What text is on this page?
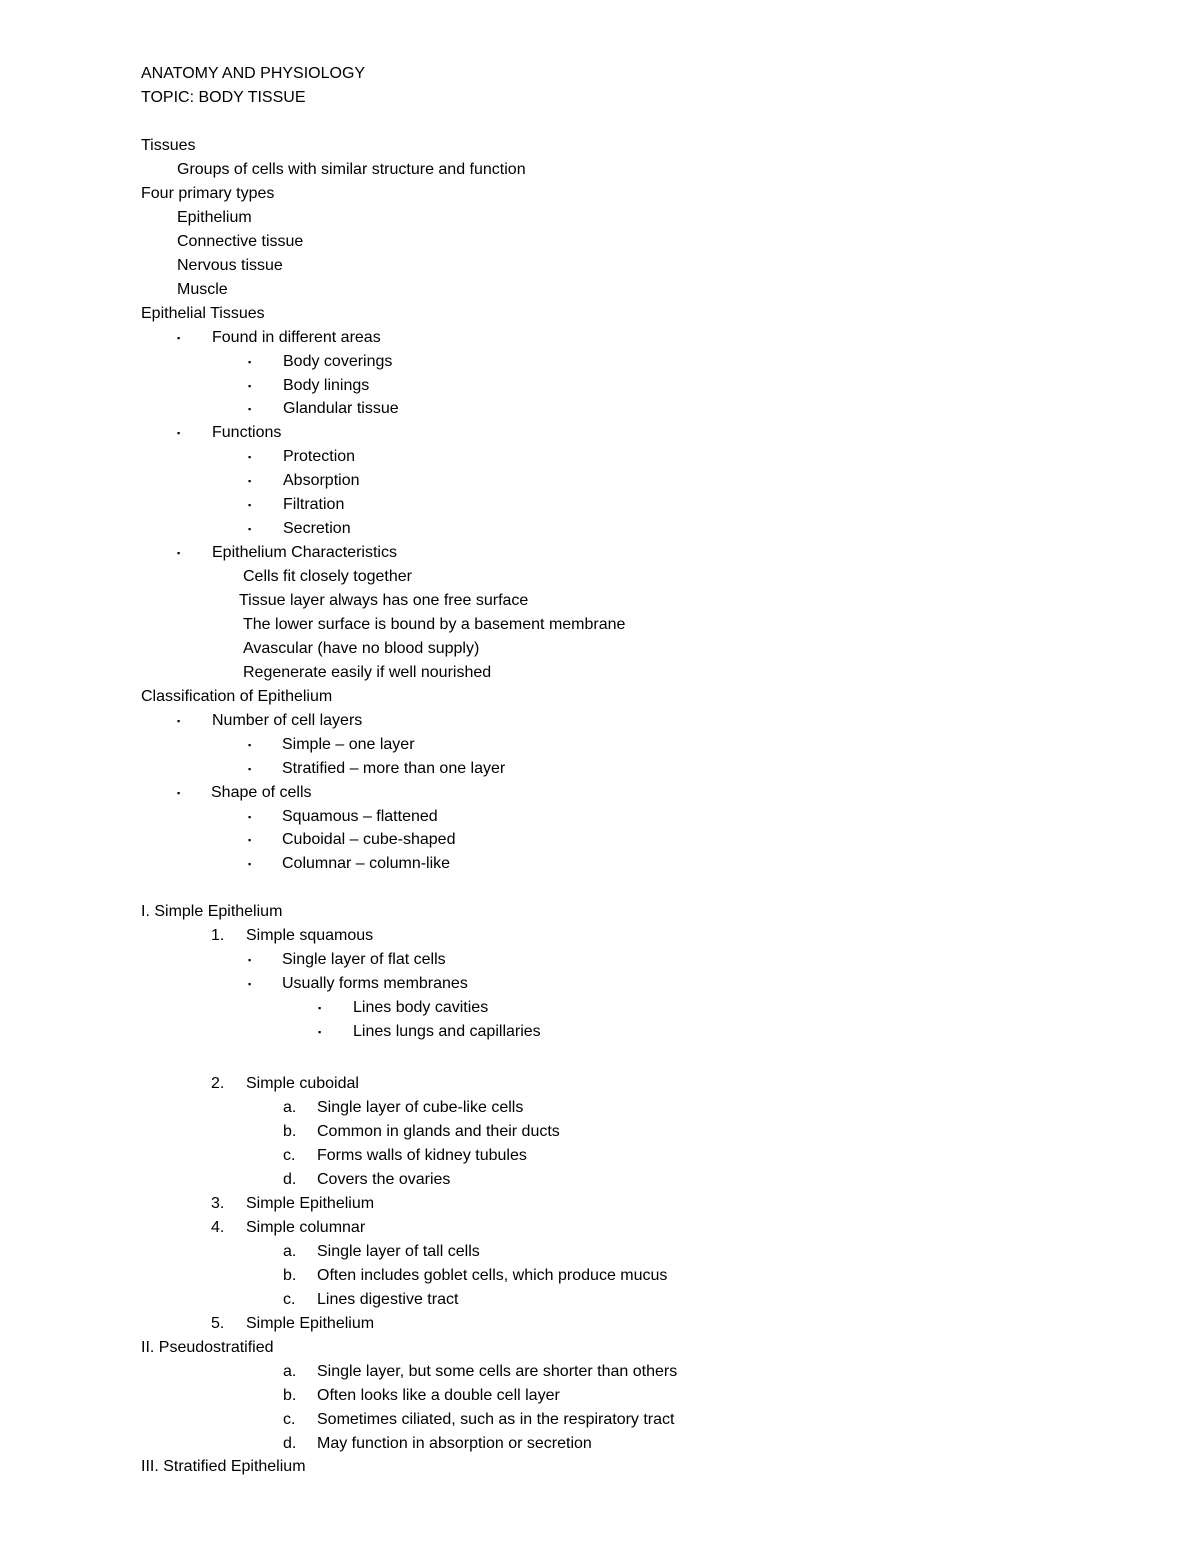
ANATOMY AND PHYSIOLOGY
TOPIC: BODY TISSUE
Tissues
Groups of cells with similar structure and function
Four primary types
Epithelium
Connective tissue
Nervous tissue
Muscle
Epithelial Tissues
▪ Found in different areas
▪ Body coverings
▪ Body linings
▪ Glandular tissue
▪ Functions
▪ Protection
▪ Absorption
▪ Filtration
▪ Secretion
▪ Epithelium Characteristics
Cells fit closely together
Tissue layer always has one free surface
The lower surface is bound by a basement membrane
Avascular (have no blood supply)
Regenerate easily if well nourished
Classification of Epithelium
▪ Number of cell layers
▪ Simple – one layer
▪ Stratified – more than one layer
▪ Shape of cells
▪ Squamous – flattened
▪ Cuboidal – cube-shaped
▪ Columnar – column-like
I. Simple Epithelium
1. Simple squamous
▪ Single layer of flat cells
▪ Usually forms membranes
▪ Lines body cavities
▪ Lines lungs and capillaries
2. Simple cuboidal
a. Single layer of cube-like cells
b. Common in glands and their ducts
c. Forms walls of kidney tubules
d. Covers the ovaries
3. Simple Epithelium
4. Simple columnar
a. Single layer of tall cells
b. Often includes goblet cells, which produce mucus
c. Lines digestive tract
5. Simple Epithelium
II. Pseudostratified
a. Single layer, but some cells are shorter than others
b. Often looks like a double cell layer
c. Sometimes ciliated, such as in the respiratory tract
d. May function in absorption or secretion
III. Stratified Epithelium
